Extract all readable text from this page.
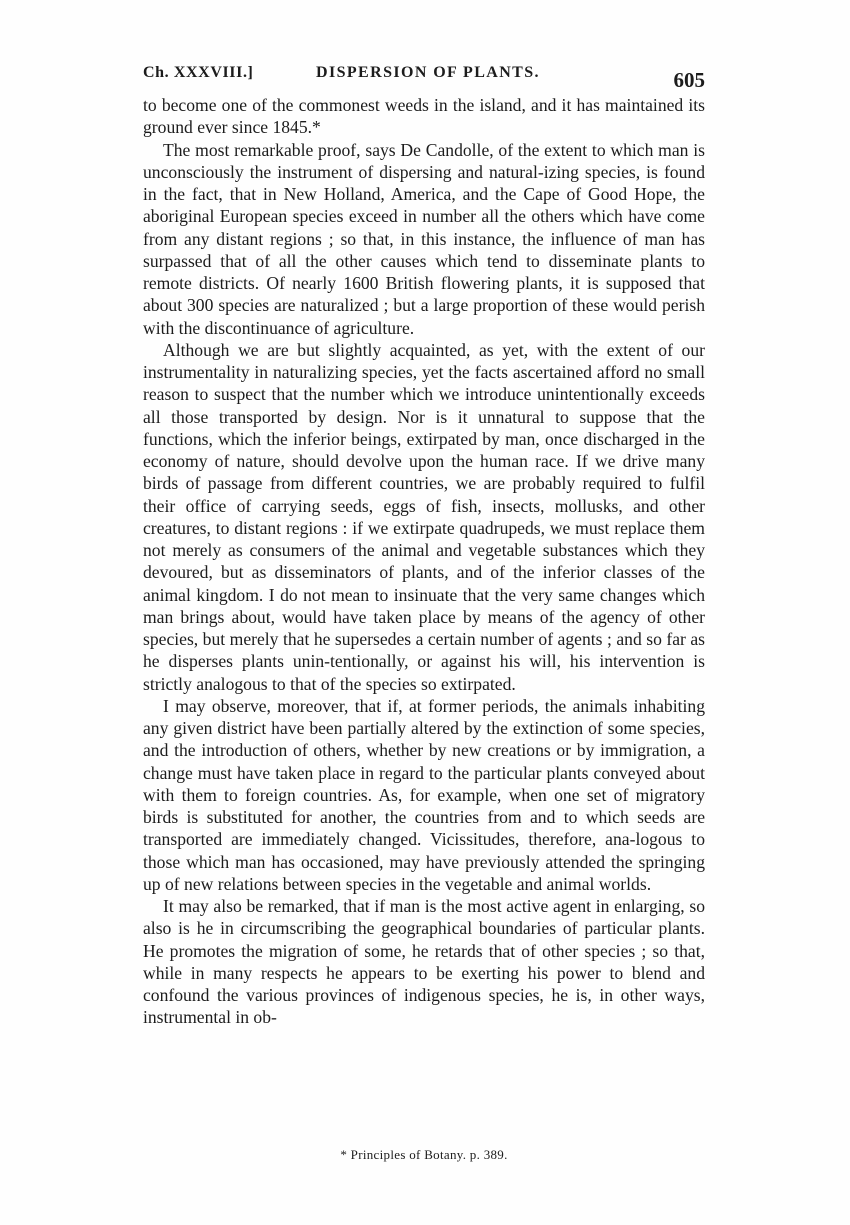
Ch. XXXVIII.]	DISPERSION OF PLANTS.	605

to become one of the commonest weeds in the island, and it has maintained its ground ever since 1845.*

The most remarkable proof, says De Candolle, of the extent to which man is unconsciously the instrument of dispersing and natural-izing species, is found in the fact, that in New Holland, America, and the Cape of Good Hope, the aboriginal European species exceed in number all the others which have come from any distant regions ; so that, in this instance, the influence of man has surpassed that of all the other causes which tend to disseminate plants to remote districts. Of nearly 1600 British flowering plants, it is supposed that about 300 species are naturalized ; but a large proportion of these would perish with the discontinuance of agriculture.

Although we are but slightly acquainted, as yet, with the extent of our instrumentality in naturalizing species, yet the facts ascertained afford no small reason to suspect that the number which we introduce unintentionally exceeds all those transported by design. Nor is it unnatural to suppose that the functions, which the inferior beings, extirpated by man, once discharged in the economy of nature, should devolve upon the human race. If we drive many birds of passage from different countries, we are probably required to fulfil their office of carrying seeds, eggs of fish, insects, mollusks, and other creatures, to distant regions : if we extirpate quadrupeds, we must replace them not merely as consumers of the animal and vegetable substances which they devoured, but as disseminators of plants, and of the inferior classes of the animal kingdom. I do not mean to insinuate that the very same changes which man brings about, would have taken place by means of the agency of other species, but merely that he supersedes a certain number of agents ; and so far as he disperses plants unin-tentionally, or against his will, his intervention is strictly analogous to that of the species so extirpated.

I may observe, moreover, that if, at former periods, the animals inhabiting any given district have been partially altered by the extinction of some species, and the introduction of others, whether by new creations or by immigration, a change must have taken place in regard to the particular plants conveyed about with them to foreign countries. As, for example, when one set of migratory birds is substituted for another, the countries from and to which seeds are transported are immediately changed. Vicissitudes, therefore, ana-logous to those which man has occasioned, may have previously attended the springing up of new relations between species in the vegetable and animal worlds.

It may also be remarked, that if man is the most active agent in enlarging, so also is he in circumscribing the geographical boundaries of particular plants. He promotes the migration of some, he retards that of other species ; so that, while in many respects he appears to be exerting his power to blend and confound the various provinces of indigenous species, he is, in other ways, instrumental in ob-

* Principles of Botany. p. 389.
